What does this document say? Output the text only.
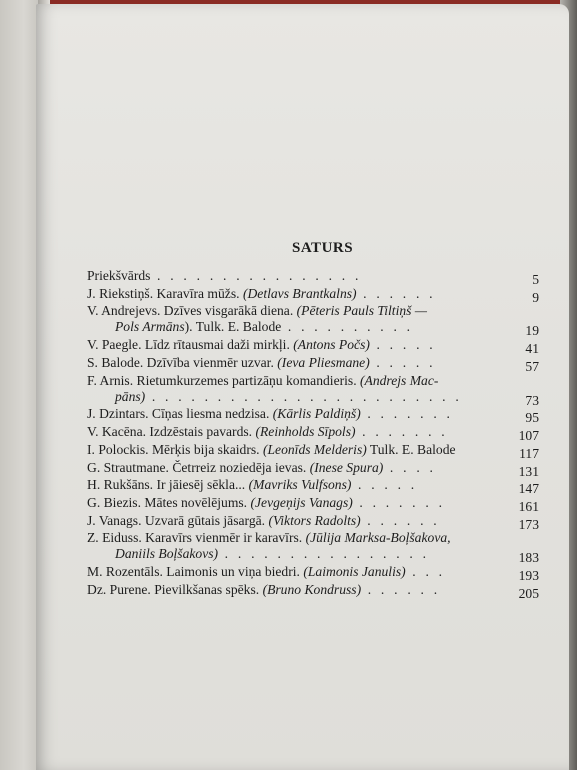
SATURS
Priekšvārds . . . . . . . . . . . . . . . .	5
J. Riekstiņš. Karavīra mūžs. (Detlavs Brantkalns) . . . . . .	9
V. Andrejevs. Dzīves visgarākā diena. (Pēteris Pauls Tiltiņš —
Pols Armāns). Tulk. E. Balode . . . . . . . . . .	19
V. Paegle. Līdz rītausmai daži mirkļi. (Antons Počs) . . . . .	41
S. Balode. Dzīvība vienmēr uzvar. (Ieva Pliesmane) . . . . .	57
F. Arnis. Rietumkurzemes partizāņu komandieris. (Andrejs Mac-
pāns) . . . . . . . . . . . . . . . . . . . . . . . .	73
J. Dzintars. Cīņas liesma nedzisa. (Kārlis Paldiņš) . . . . . . .	95
V. Kacēna. Izdzēstais pavards. (Reinholds Sīpols) . . . . . . .	107
I. Polockis. Mērķis bija skaidrs. (Leonīds Melderis) Tulk. E. Balode	117
G. Strautmane. Četrreiz noziedēja ievas. (Inese Spura) . . . .	131
H. Rukšāns. Ir jāiesēj sēkla... (Mavriks Vulfsons) . . . . .	147
G. Biezis. Mātes novēlējums. (Jevgeņijs Vanags) . . . . . . .	161
J. Vanags. Uzvarā gūtais jāsargā. (Viktors Radolts) . . . . . .	173
Z. Eiduss. Karavīrs vienmēr ir karavīrs. (Jūlija Marksa-Boļšakova,
Daniils Boļšakovs) . . . . . . . . . . . . . . . .	183
M. Rozentāls. Laimonis un viņa biedri. (Laimonis Janulis) . . .	193
Dz. Purene. Pievilkšanas spēks. (Bruno Kondruss) . . . . . .	205
